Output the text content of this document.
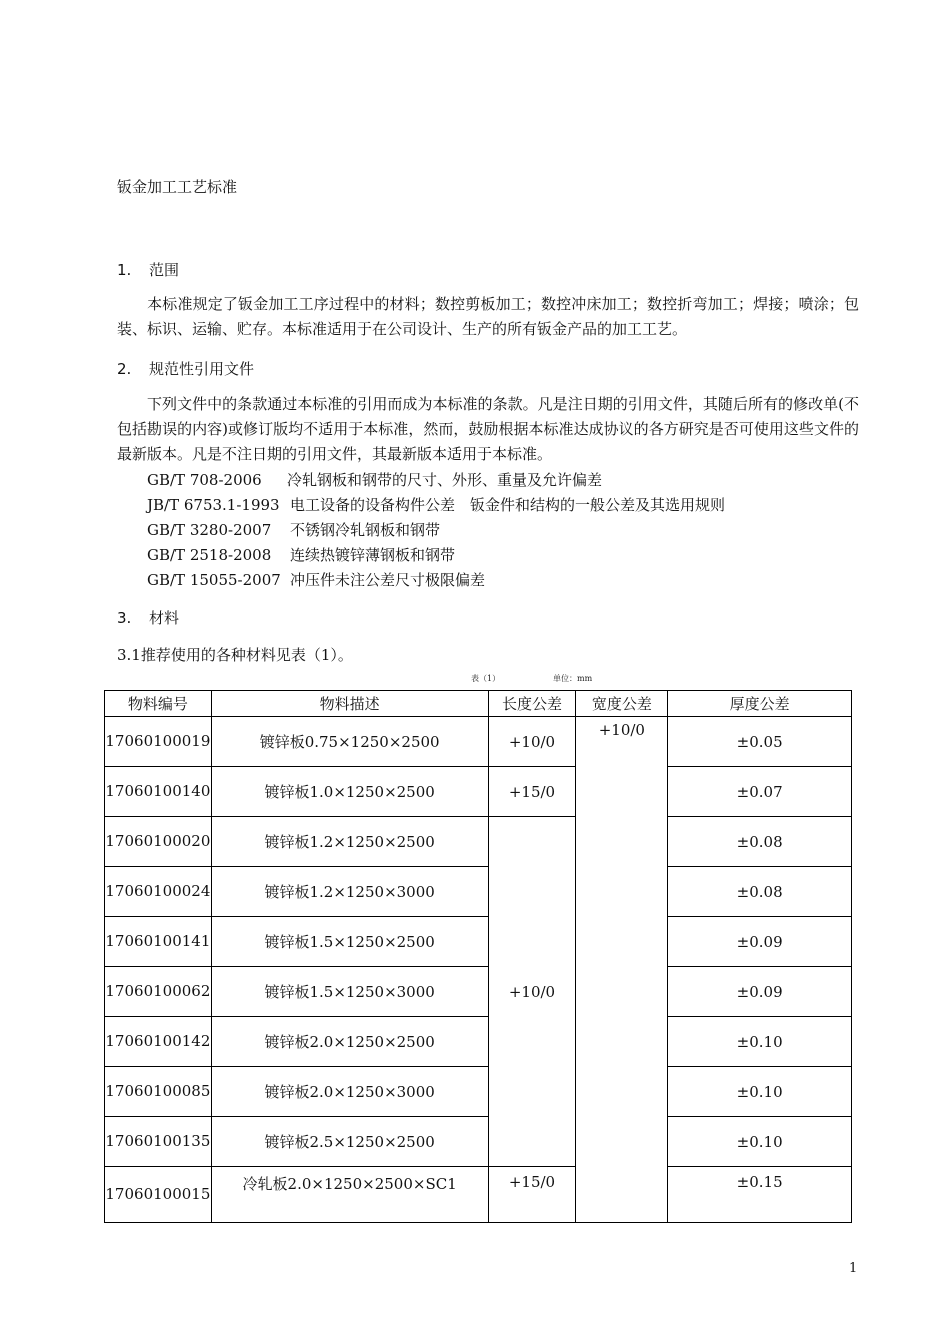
钣金加工工艺标准
1. 范围
本标准规定了钣金加工工序过程中的材料；数控剪板加工；数控冲床加工；数控折弯加工；焊接；喷涂；包装、标识、运输、贮存。本标准适用于在公司设计、生产的所有钣金产品的加工工艺。
2. 规范性引用文件
下列文件中的条款通过本标准的引用而成为本标准的条款。凡是注日期的引用文件，其随后所有的修改单(不包括勘误的内容)或修订版均不适用于本标准，然而，鼓励根据本标准达成协议的各方研究是否可使用这些文件的最新版本。凡是不注日期的引用文件，其最新版本适用于本标准。
GB/T 708-2006 冷轧钢板和钢带的尺寸、外形、重量及允许偏差
JB/T 6753.1-1993 电工设备的设备构件公差　钣金件和结构的一般公差及其选用规则
GB/T 3280-2007 不锈钢冷轧钢板和钢带
GB/T 2518-2008 连续热镀锌薄钢板和钢带
GB/T 15055-2007 冲压件未注公差尺寸极限偏差
3. 材料
3.1推荐使用的各种材料见表（1）。
表（1）	单位：mm
物料编号	物料描述	长度公差	宽度公差	厚度公差
17060100019	镀锌板0.75×1250×2500	+10/0	+10/0	±0.05
17060100140	镀锌板1.0×1250×2500	+15/0		±0.07
17060100020	镀锌板1.2×1250×2500	+10/0		±0.08
17060100024	镀锌板1.2×1250×3000			±0.08
17060100141	镀锌板1.5×1250×2500			±0.09
17060100062	镀锌板1.5×1250×3000			±0.09
17060100142	镀锌板2.0×1250×2500			±0.10
17060100085	镀锌板2.0×1250×3000			±0.10
17060100135	镀锌板2.5×1250×2500			±0.10
17060100015	冷轧板2.0×1250×2500×SC1	+15/0		±0.15
1
